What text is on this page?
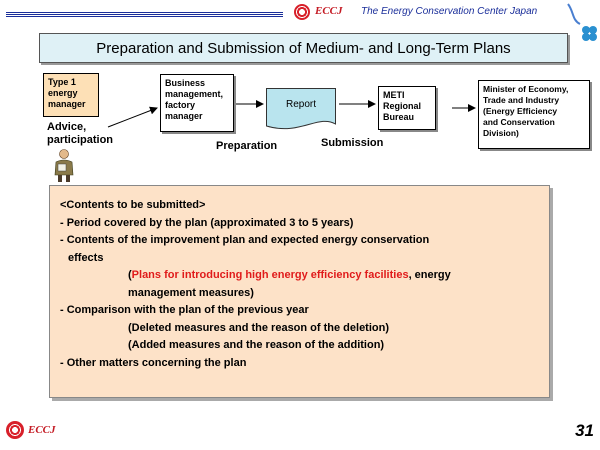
ECCJ The Energy Conservation Center Japan
Preparation and Submission of Medium- and Long-Term Plans
Type 1
energy
manager
Advice,
participation
Business
management,
factory
manager
Report
Preparation	Submission
METI
Regional
Bureau
Minister of Economy,
Trade and Industry
(Energy Efficiency
and Conservation
Division)
<Contents to be submitted>
- Period covered by the plan (approximated 3 to 5 years)
- Contents of the improvement plan and expected energy conservation
effects
(Plans for introducing high energy efficiency facilities, energy
management measures)
- Comparison with the plan of the previous year
(Deleted measures and the reason of the deletion)
(Added measures and the reason of the addition)
- Other matters concerning the plan
ECCJ	31
